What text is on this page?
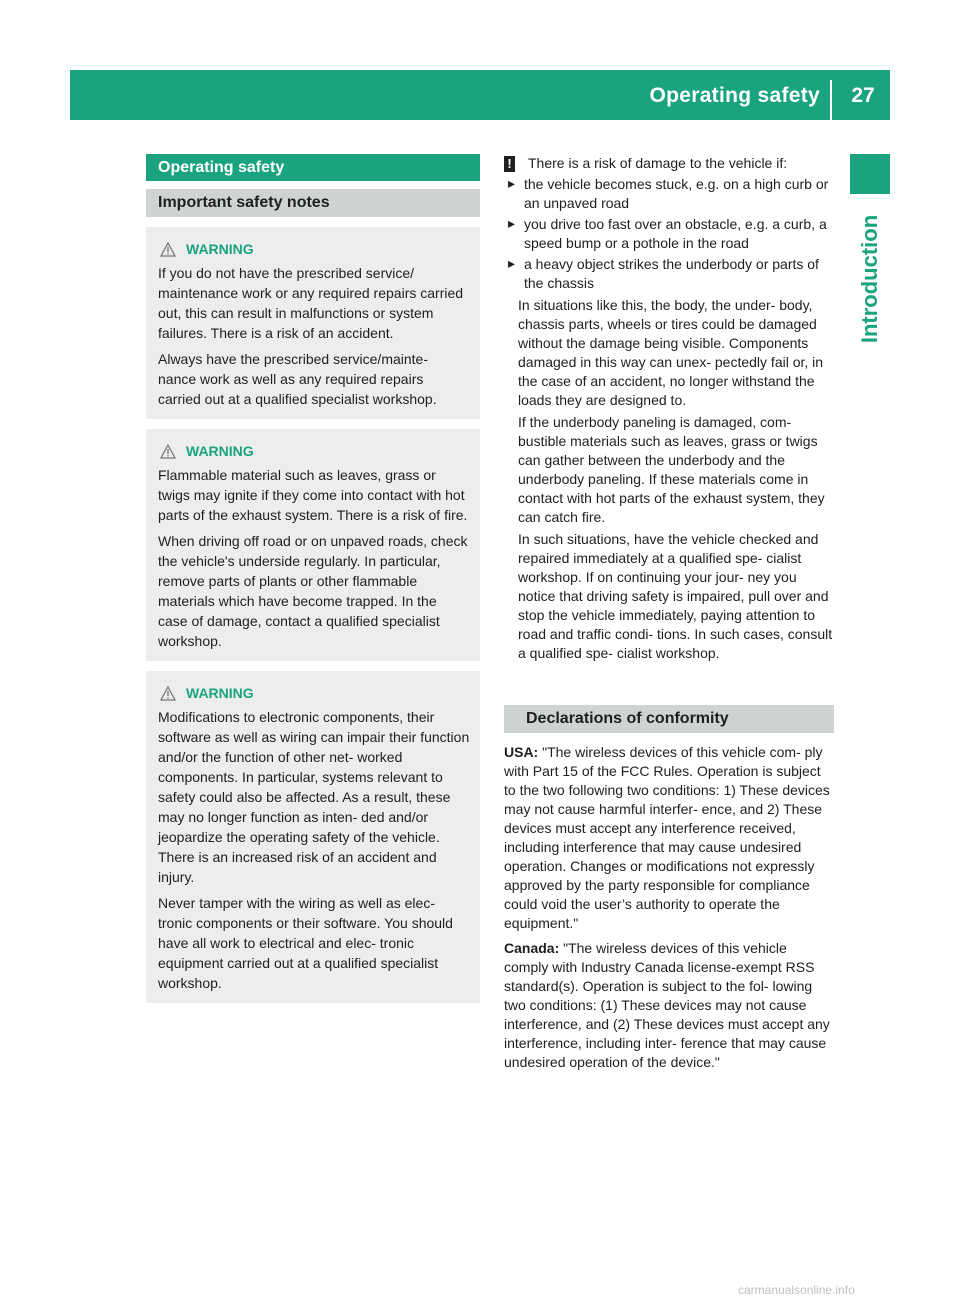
Operating safety	27
Introduction
Operating safety
Important safety notes
WARNING

If you do not have the prescribed service/ maintenance work or any required repairs carried out, this can result in malfunctions or system failures. There is a risk of an accident.

Always have the prescribed service/mainte- nance work as well as any required repairs carried out at a qualified specialist workshop.

WARNING

Flammable material such as leaves, grass or twigs may ignite if they come into contact with hot parts of the exhaust system. There is a risk of fire.

When driving off road or on unpaved roads, check the vehicle's underside regularly. In particular, remove parts of plants or other flammable materials which have become trapped. In the case of damage, contact a qualified specialist workshop.

WARNING

Modifications to electronic components, their software as well as wiring can impair their function and/or the function of other net- worked components. In particular, systems relevant to safety could also be affected. As a result, these may no longer function as inten- ded and/or jeopardize the operating safety of the vehicle. There is an increased risk of an accident and injury.

Never tamper with the wiring as well as elec- tronic components or their software. You should have all work to electrical and elec- tronic equipment carried out at a qualified specialist workshop.

! There is a risk of damage to the vehicle if:
▸ the vehicle becomes stuck, e.g. on a high curb or an unpaved road
▸ you drive too fast over an obstacle, e.g. a curb, a speed bump or a pothole in the road
▸ a heavy object strikes the underbody or parts of the chassis

In situations like this, the body, the under- body, chassis parts, wheels or tires could be damaged without the damage being visible. Components damaged in this way can unex- pectedly fail or, in the case of an accident, no longer withstand the loads they are designed to.

If the underbody paneling is damaged, com- bustible materials such as leaves, grass or twigs can gather between the underbody and the underbody paneling. If these materials come in contact with hot parts of the exhaust system, they can catch fire.

In such situations, have the vehicle checked and repaired immediately at a qualified spe- cialist workshop. If on continuing your jour- ney you notice that driving safety is impaired, pull over and stop the vehicle immediately, paying attention to road and traffic condi- tions. In such cases, consult a qualified spe- cialist workshop.

Declarations of conformity

USA: "The wireless devices of this vehicle com- ply with Part 15 of the FCC Rules. Operation is subject to the two following two conditions: 1) These devices may not cause harmful interfer- ence, and 2) These devices must accept any interference received, including interference that may cause undesired operation. Changes or modifications not expressly approved by the party responsible for compliance could void the user’s authority to operate the equipment."

Canada: "The wireless devices of this vehicle comply with Industry Canada license-exempt RSS standard(s). Operation is subject to the fol- lowing two conditions: (1) These devices may not cause interference, and (2) These devices must accept any interference, including inter- ference that may cause undesired operation of the device."

carmanualsonline.info
